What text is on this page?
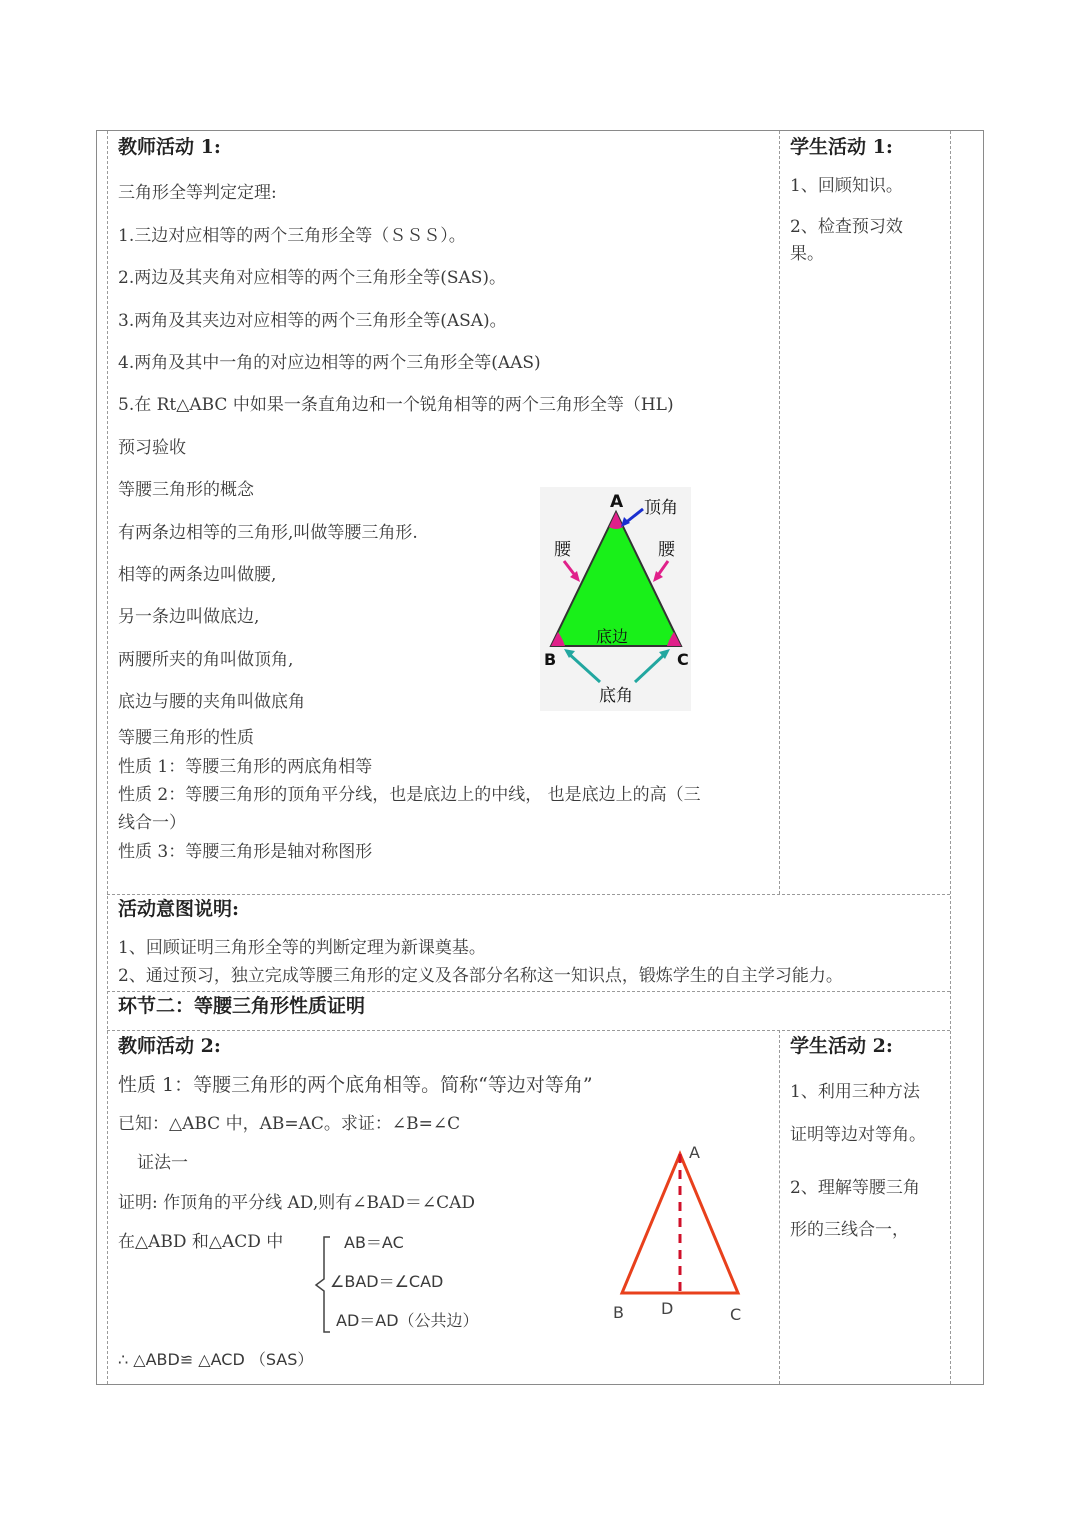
教师活动 1:
三角形全等判定定理:
1.三边对应相等的两个三角形全等（ＳＳＳ）。
2.两边及其夹角对应相等的两个三角形全等(SAS)。
3.两角及其夹边对应相等的两个三角形全等(ASA)。
4.两角及其中一角的对应边相等的两个三角形全等(AAS)
5.在 Rt△ABC 中如果一条直角边和一个锐角相等的两个三角形全等（HL)
预习验收
等腰三角形的概念
有两条边相等的三角形,叫做等腰三角形.
相等的两条边叫做腰,
另一条边叫做底边,
两腰所夹的角叫做顶角,
底边与腰的夹角叫做底角
等腰三角形的性质
性质 1：等腰三角形的两底角相等
性质 2：等腰三角形的顶角平分线，也是底边上的中线， 也是底边上的高（三
线合一）
性质 3：等腰三角形是轴对称图形
A
B	C
顶角
腰	腰
底边
底角
学生活动 1:
1、回顾知识。
2、检查预习效
果。
活动意图说明:
1、回顾证明三角形全等的判断定理为新课奠基。
2、通过预习，独立完成等腰三角形的定义及各部分名称这一知识点，锻炼学生的自主学习能力。
环节二：等腰三角形性质证明
教师活动 2:
性质 1：等腰三角形的两个底角相等。简称“等边对等角”
已知：△ABC 中，AB=AC。求证：∠B=∠C
证法一
证明: 作顶角的平分线 AD,则有∠BAD＝∠CAD
在△ABD 和△ACD 中	AB＝AC
∠BAD＝∠CAD
AD＝AD（公共边）
∴ △ABD≌ △ACD （SAS）
A
B D	C
学生活动 2:
1、利用三种方法
证明等边对等角。
2、理解等腰三角
形的三线合一，
